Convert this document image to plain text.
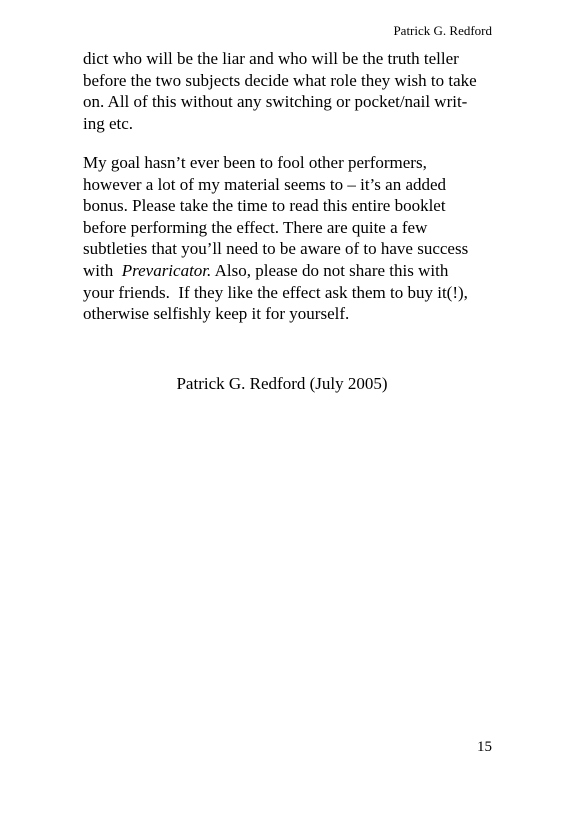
Patrick G. Redford

dict who will be the liar and who will be the truth teller
before the two subjects decide what role they wish to take
on. All of this without any switching or pocket/nail writ-
ing etc.

My goal hasn’t ever been to fool other performers,
however a lot of my material seems to – it’s an added
bonus. Please take the time to read this entire booklet
before performing the effect. There are quite a few
subtleties that you’ll need to be aware of to have success
with  Prevaricator. Also, please do not share this with
your friends.  If they like the effect ask them to buy it(!),
otherwise selfishly keep it for yourself.

Patrick G. Redford (July 2005)
15
